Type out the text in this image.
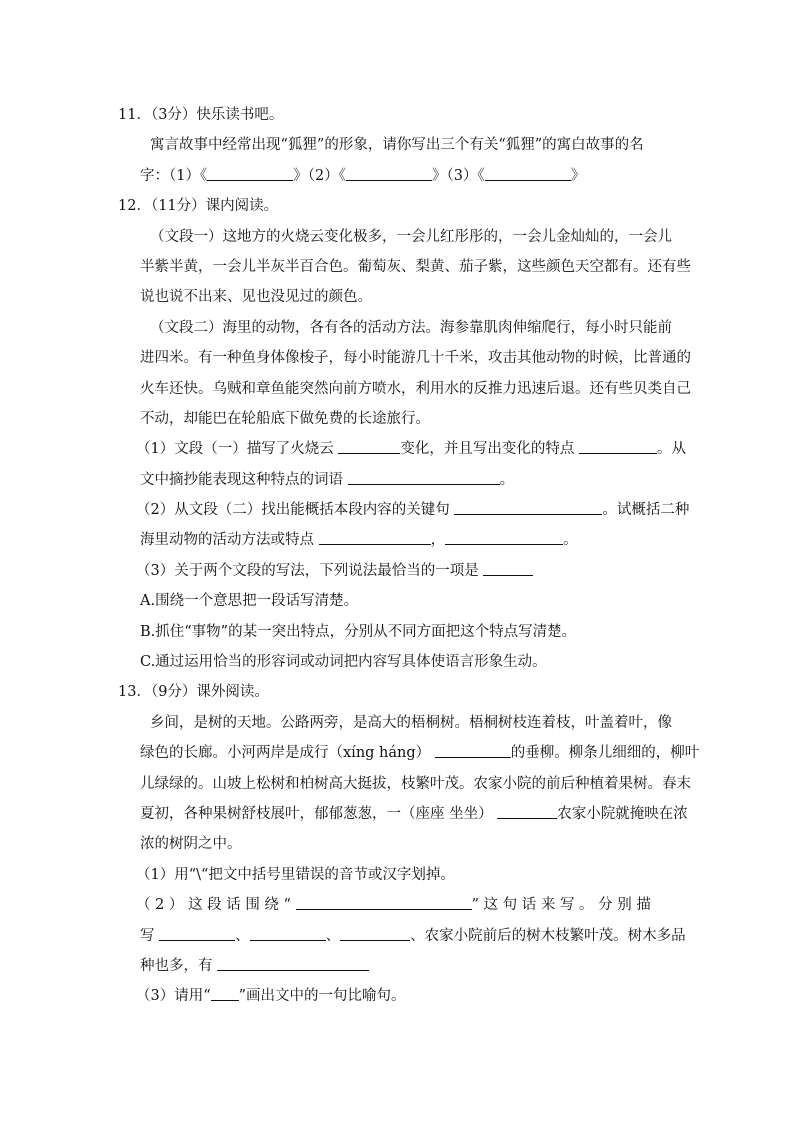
11．（3分）快乐读书吧。
寓言故事中经常出现“狐狸”的形象，请你写出三个有关“狐狸”的寓白故事的名
字：（1）《	》（2）《	》（3）《	》
12．（11分）课内阅读。
（文段一）这地方的火烧云变化极多，一会儿红彤彤的，一会儿金灿灿的，一会儿
半紫半黄，一会儿半灰半百合色。葡萄灰、梨黄、茄子紫，这些颜色天空都有。还有些
说也说不出来、见也没见过的颜色。
（文段二）海里的动物，各有各的活动方法。海参靠肌肉伸缩爬行，每小时只能前
进四米。有一种鱼身体像梭子，每小时能游几十千米，攻击其他动物的时候，比普通的
火车还快。乌贼和章鱼能突然向前方喷水，利用水的反推力迅速后退。还有些贝类自己
不动，却能巴在轮船底下做免费的长途旅行。
（1）文段（一）描写了火烧云	变化，并且写出变化的特点	。从
文中摘抄能表现这种特点的词语	。
（2）从文段（二）找出能概括本段内容的关键句	。试概括二种
海里动物的活动方法或特点	，	。
（3）关于两个文段的写法，下列说法最恰当的一项是
A.围绕一个意思把一段话写清楚。
B.抓住“事物”的某一突出特点，分别从不同方面把这个特点写清楚。
C.通过运用恰当的形容词或动词把内容写具体使语言形象生动。
13．（9分）课外阅读。
乡间，是树的天地。公路两旁，是高大的梧桐树。梧桐树枝连着枝，叶盖着叶，像
绿色的长廊。小河两岸是成行（xíng háng）	的垂柳。柳条儿细细的，柳叶
儿绿绿的。山坡上松树和柏树高大挺拔，枝繁叶茂。农家小院的前后种植着果树。春末
夏初，各种果树舒枝展叶，郁郁葱葱，一（座座 坐坐）	农家小院就掩映在浓
浓的树阴之中。
（1）用“\“把文中括号里错误的音节或汉字划掉。
（2）这段话围绕“	”这句话来写。分别描
写	、	、	、农家小院前后的树木枝繁叶茂。树木多品
种也多，有
（3）请用“ ”画出文中的一句比喻句。
